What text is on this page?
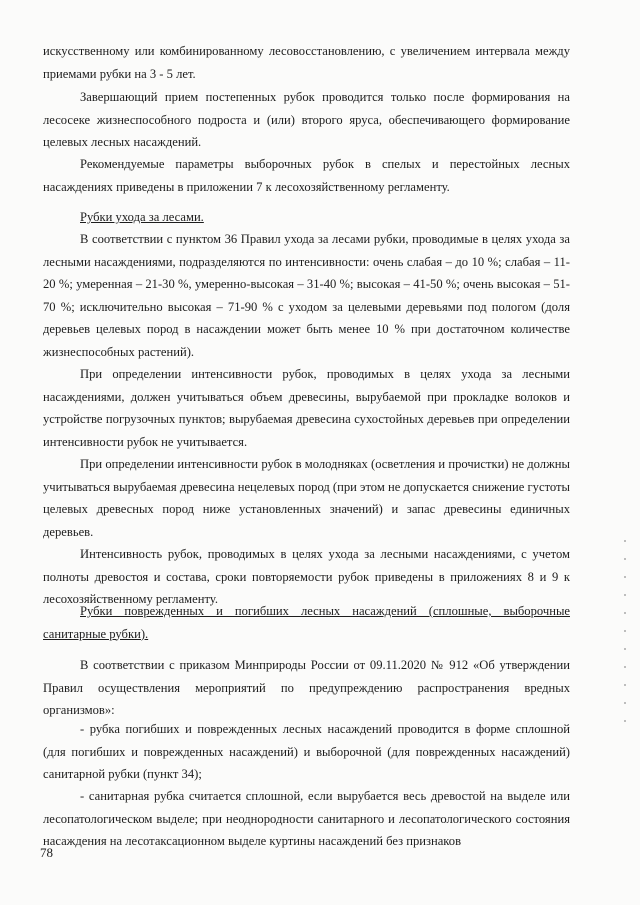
искусственному или комбинированному лесовосстановлению, с увеличением интервала между приемами рубки на 3 - 5 лет.

Завершающий прием постепенных рубок проводится только после формирования на лесосеке жизнеспособного подроста и (или) второго яруса, обеспечивающего формирование целевых лесных насаждений.

Рекомендуемые параметры выборочных рубок в спелых и перестойных лесных насаждениях приведены в приложении 7 к лесохозяйственному регламенту.

Рубки ухода за лесами.

В соответствии с пунктом 36 Правил ухода за лесами рубки, проводимые в целях ухода за лесными насаждениями, подразделяются по интенсивности: очень слабая – до 10 %; слабая – 11-20 %; умеренная – 21-30 %, умеренно-высокая – 31-40 %; высокая – 41-50 %; очень высокая – 51-70 %; исключительно высокая – 71-90 % с уходом за целевыми деревьями под пологом (доля деревьев целевых пород в насаждении может быть менее 10 % при достаточном количестве жизнеспособных растений).

При определении интенсивности рубок, проводимых в целях ухода за лесными насаждениями, должен учитываться объем древесины, вырубаемой при прокладке волоков и устройстве погрузочных пунктов; вырубаемая древесина сухостойных деревьев при определении интенсивности рубок не учитывается.

При определении интенсивности рубок в молодняках (осветления и прочистки) не должны учитываться вырубаемая древесина нецелевых пород (при этом не допускается снижение густоты целевых древесных пород ниже установленных значений) и запас древесины единичных деревьев.

Интенсивность рубок, проводимых в целях ухода за лесными насаждениями, с учетом полноты древостоя и состава, сроки повторяемости рубок приведены в приложениях 8 и 9 к лесохозяйственному регламенту.

Рубки поврежденных и погибших лесных насаждений (сплошные, выборочные санитарные рубки).

В соответствии с приказом Минприроды России от 09.11.2020 № 912 «Об утверждении Правил осуществления мероприятий по предупреждению распространения вредных организмов»:

- рубка погибших и поврежденных лесных насаждений проводится в форме сплошной (для погибших и поврежденных насаждений) и выборочной (для поврежденных насаждений) санитарной рубки (пункт 34);

- санитарная рубка считается сплошной, если вырубается весь древостой на выделе или лесопатологическом выделе; при неоднородности санитарного и лесопатологического состояния насаждения на лесотаксационном выделе куртины насаждений без признаков

78
